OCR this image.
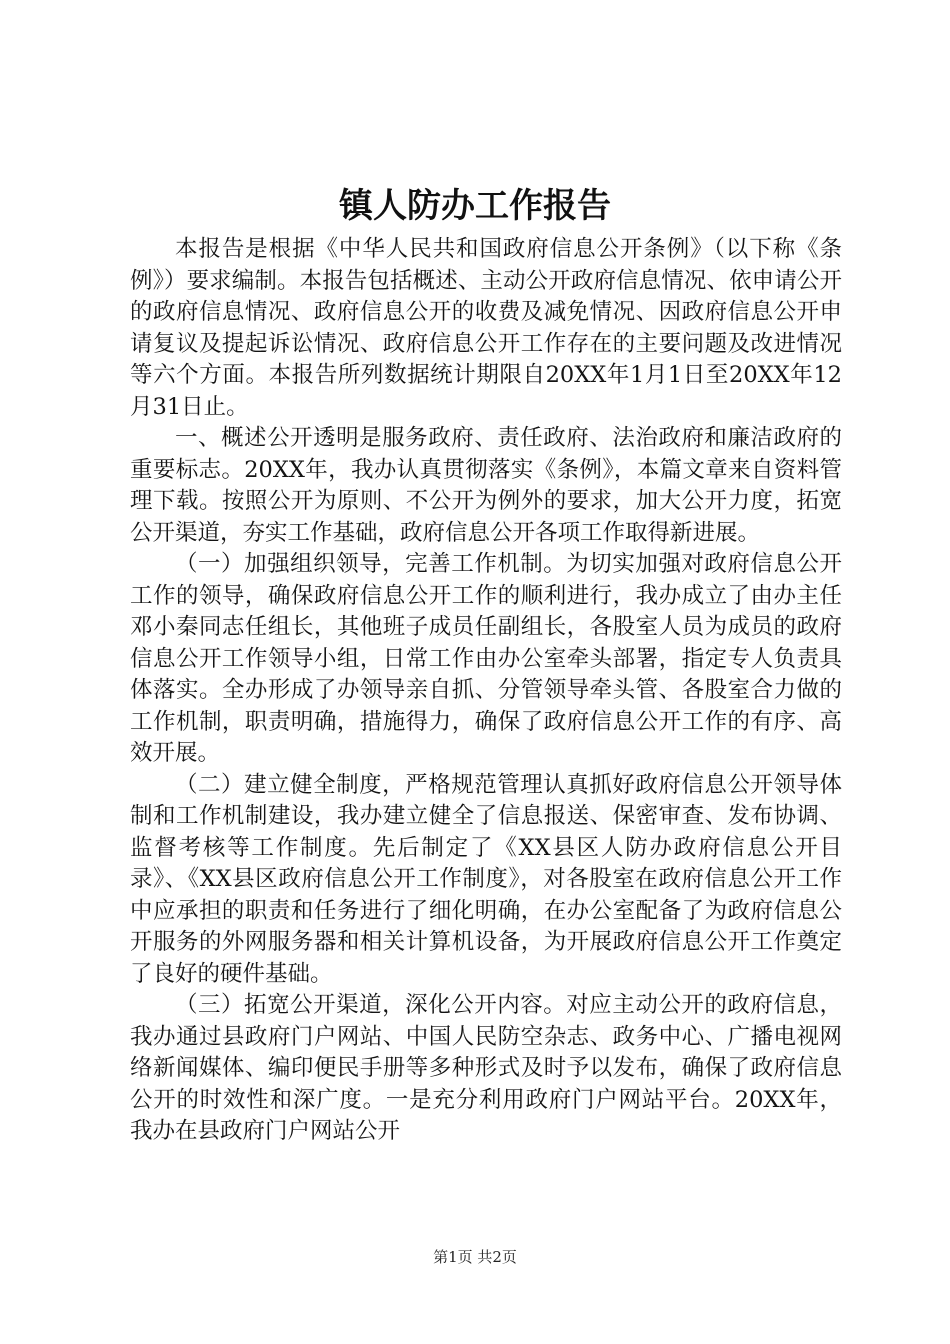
镇人防办工作报告

本报告是根据《中华人民共和国政府信息公开条例》（以下称《条例》）要求编制。本报告包括概述、主动公开政府信息情况、依申请公开的政府信息情况、政府信息公开的收费及减免情况、因政府信息公开申请复议及提起诉讼情况、政府信息公开工作存在的主要问题及改进情况等六个方面。本报告所列数据统计期限自20XX年1月1日至20XX年12月31日止。

一、概述公开透明是服务政府、责任政府、法治政府和廉洁政府的重要标志。20XX年，我办认真贯彻落实《条例》，本篇文章来自资料管理下载。按照公开为原则、不公开为例外的要求，加大公开力度，拓宽公开渠道，夯实工作基础，政府信息公开各项工作取得新进展。

（一）加强组织领导，完善工作机制。为切实加强对政府信息公开工作的领导，确保政府信息公开工作的顺利进行，我办成立了由办主任邓小秦同志任组长，其他班子成员任副组长，各股室人员为成员的政府信息公开工作领导小组，日常工作由办公室牵头部署，指定专人负责具体落实。全办形成了办领导亲自抓、分管领导牵头管、各股室合力做的工作机制，职责明确，措施得力，确保了政府信息公开工作的有序、高效开展。

（二）建立健全制度，严格规范管理认真抓好政府信息公开领导体制和工作机制建设，我办建立健全了信息报送、保密审查、发布协调、监督考核等工作制度。先后制定了《XX县区人防办政府信息公开目录》、《XX县区政府信息公开工作制度》，对各股室在政府信息公开工作中应承担的职责和任务进行了细化明确，在办公室配备了为政府信息公开服务的外网服务器和相关计算机设备，为开展政府信息公开工作奠定了良好的硬件基础。

（三）拓宽公开渠道，深化公开内容。对应主动公开的政府信息，我办通过县政府门户网站、中国人民防空杂志、政务中心、广播电视网络新闻媒体、编印便民手册等多种形式及时予以发布，确保了政府信息公开的时效性和深广度。一是充分利用政府门户网站平台。20XX年，我办在县政府门户网站公开

第1页 共2页
